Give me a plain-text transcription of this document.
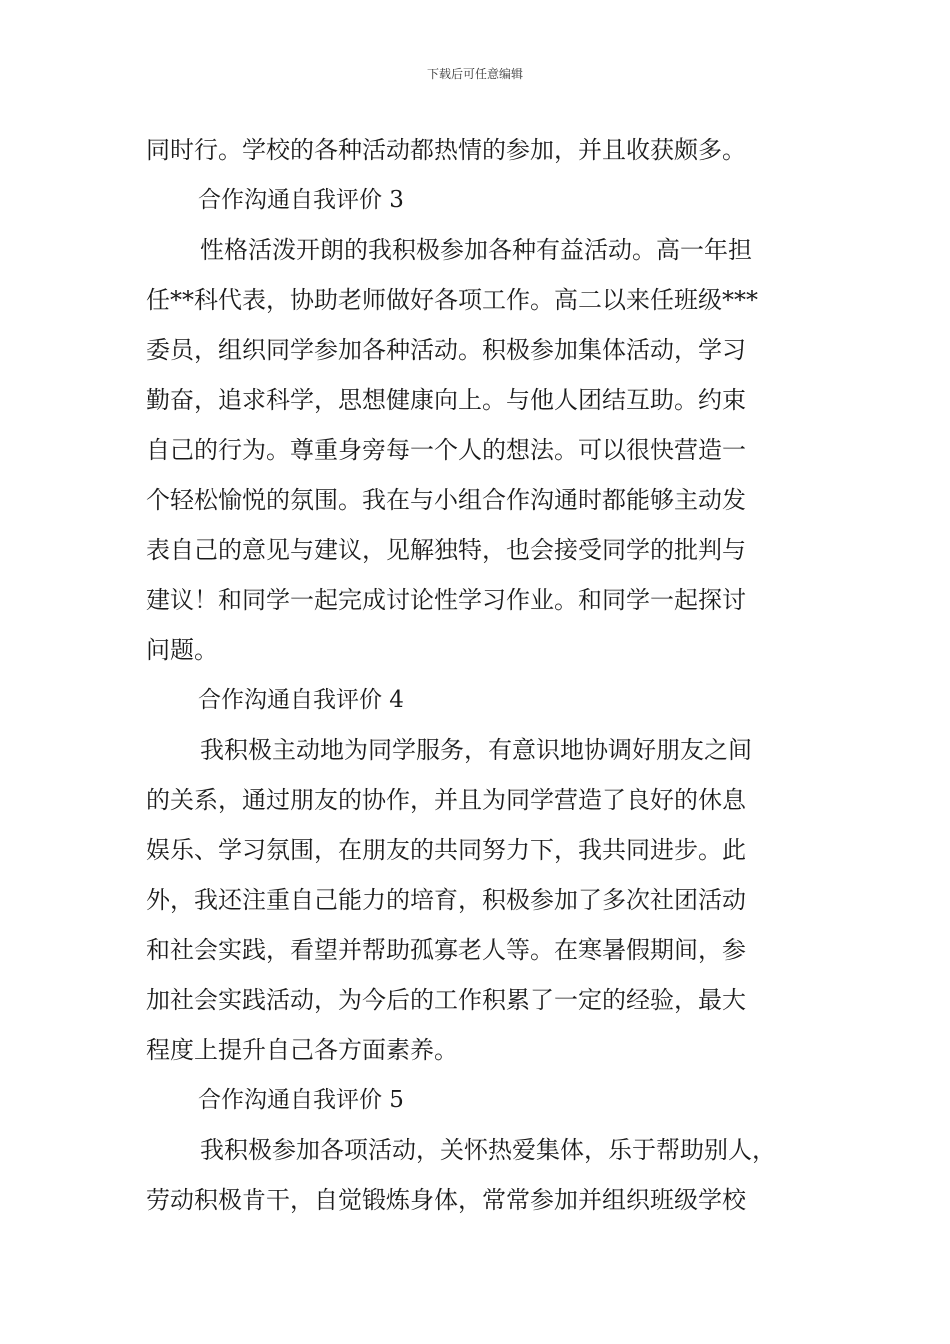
下载后可任意编辑
同时行。学校的各种活动都热情的参加，并且收获颇多。
合作沟通自我评价 3
性格活泼开朗的我积极参加各种有益活动。高一年担
任**科代表，协助老师做好各项工作。高二以来任班级***
委员，组织同学参加各种活动。积极参加集体活动，学习
勤奋，追求科学，思想健康向上。与他人团结互助。约束
自己的行为。尊重身旁每一个人的想法。可以很快营造一
个轻松愉悦的氛围。我在与小组合作沟通时都能够主动发
表自己的意见与建议，见解独特，也会接受同学的批判与
建议！和同学一起完成讨论性学习作业。和同学一起探讨
问题。
合作沟通自我评价 4
我积极主动地为同学服务，有意识地协调好朋友之间
的关系，通过朋友的协作，并且为同学营造了良好的休息
娱乐、学习氛围，在朋友的共同努力下，我共同进步。此
外，我还注重自己能力的培育，积极参加了多次社团活动
和社会实践，看望并帮助孤寡老人等。在寒暑假期间，参
加社会实践活动，为今后的工作积累了一定的经验，最大
程度上提升自己各方面素养。
合作沟通自我评价 5
我积极参加各项活动，关怀热爱集体，乐于帮助别人，
劳动积极肯干，自觉锻炼身体，常常参加并组织班级学校
